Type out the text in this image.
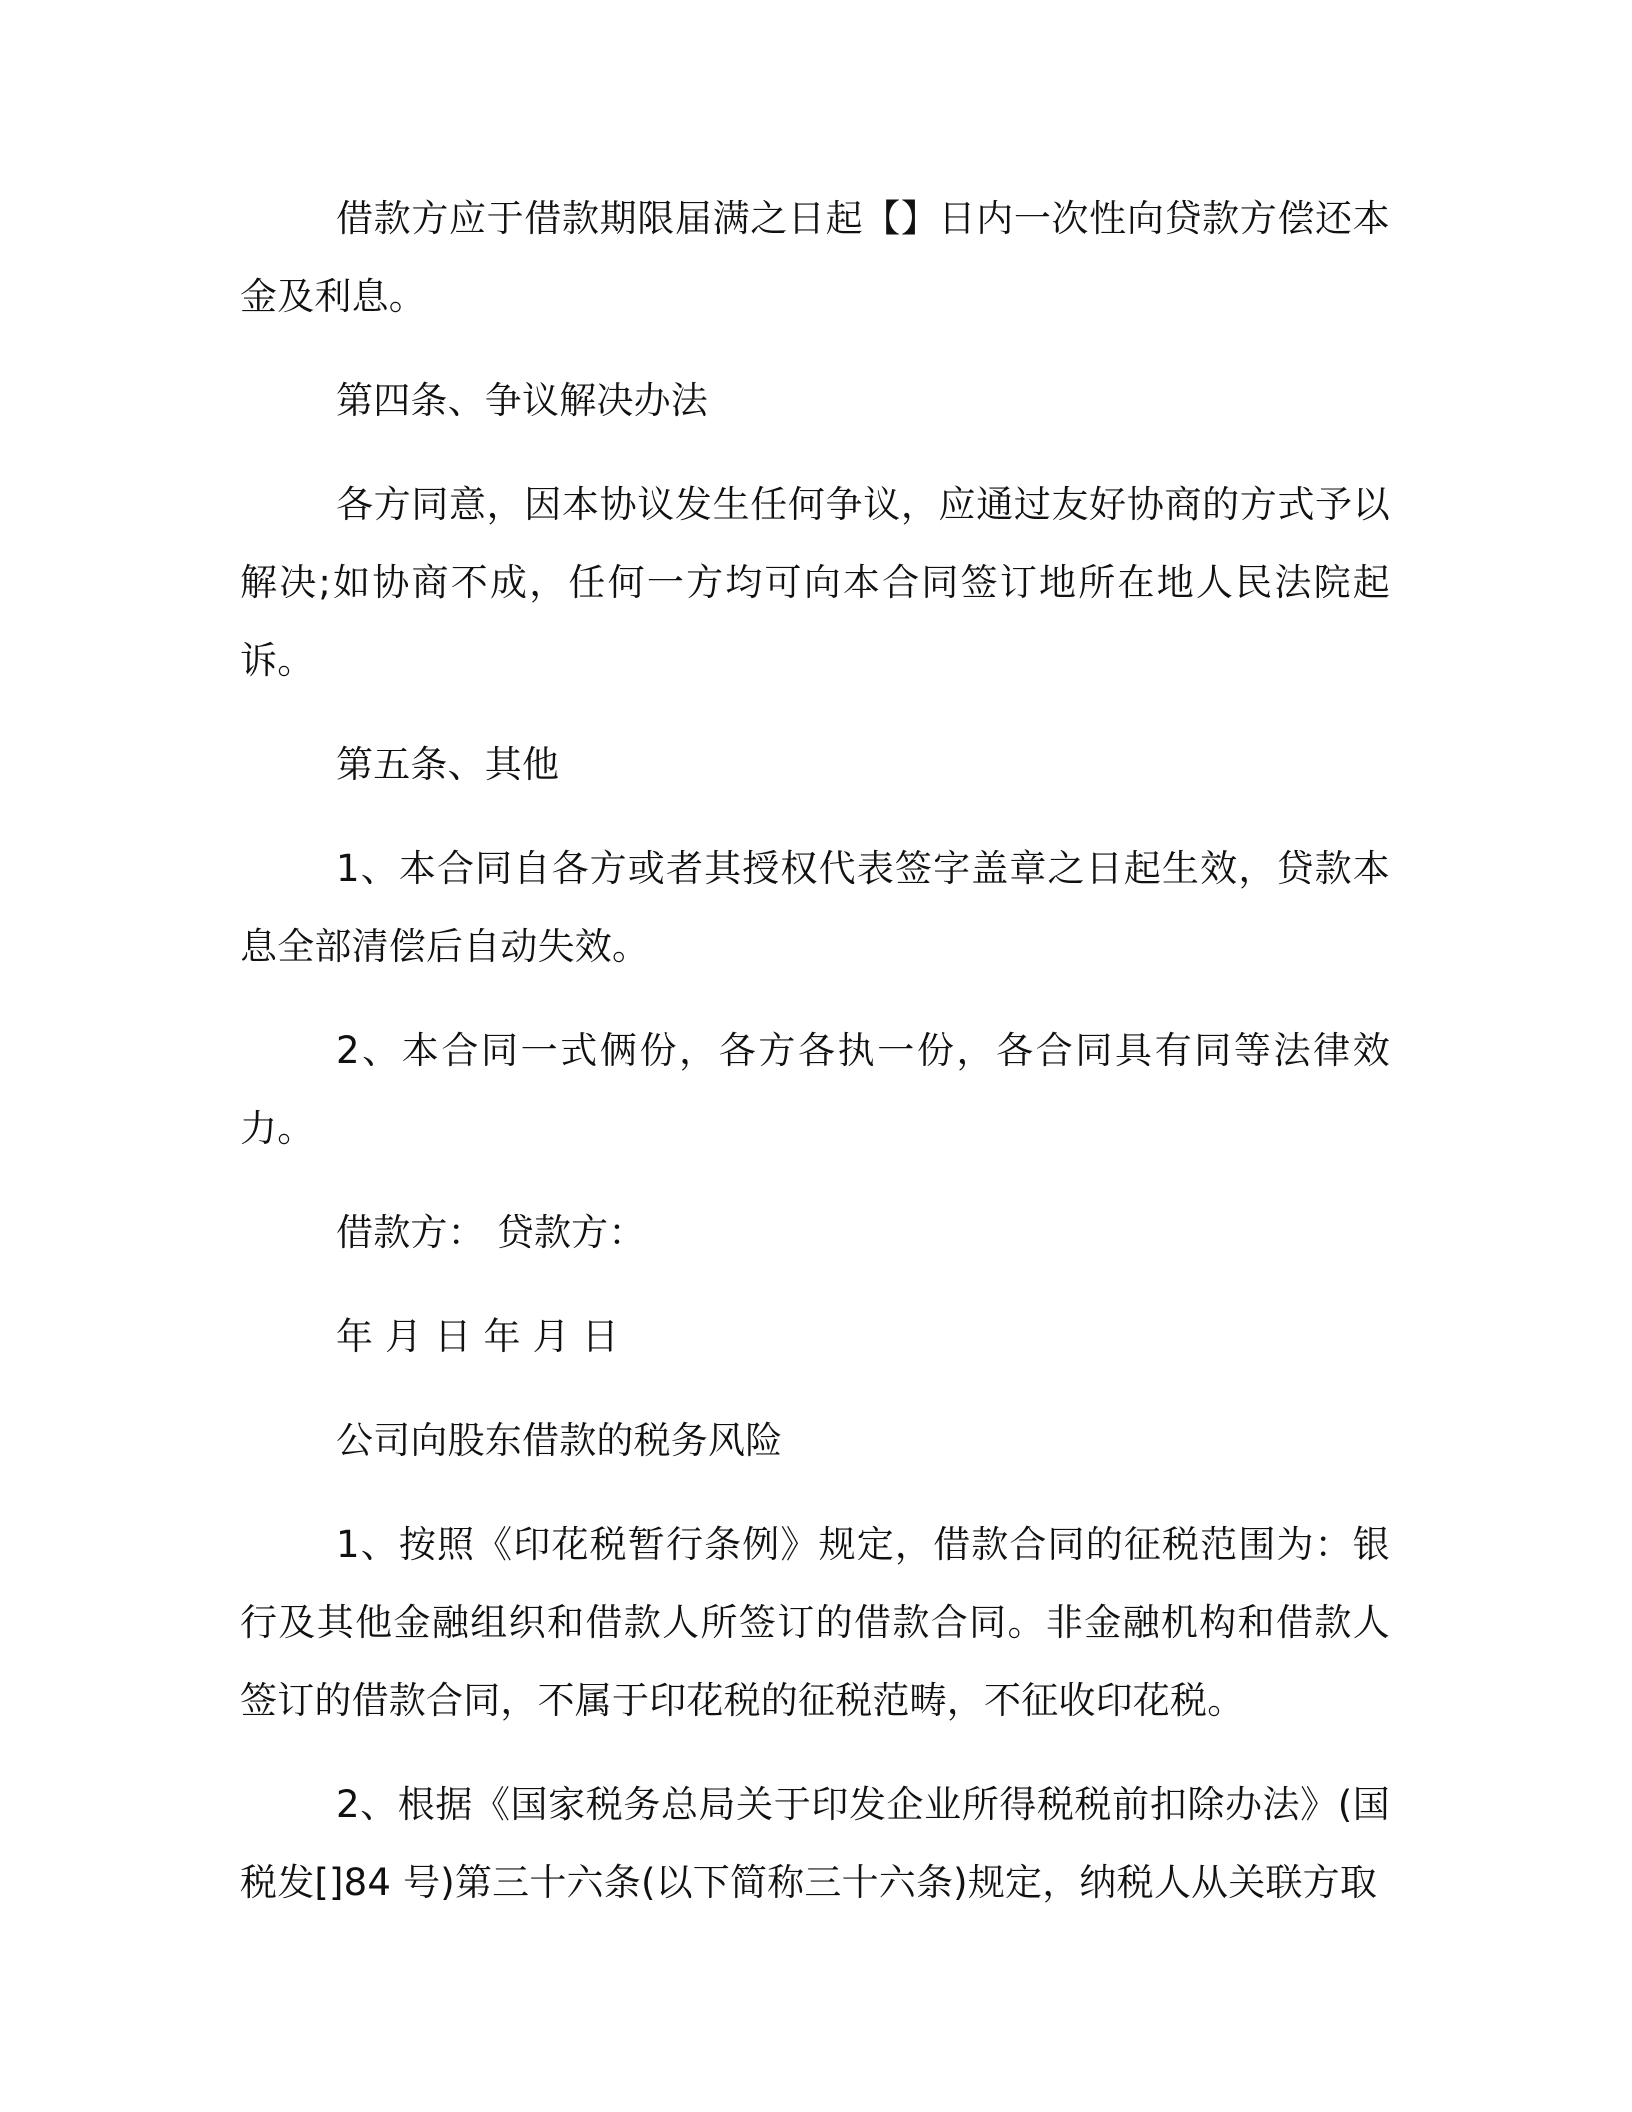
借款方应于借款期限届满之日起【】日内一次性向贷款方偿还本金及利息。

第四条、争议解决办法

各方同意，因本协议发生任何争议，应通过友好协商的方式予以解决;如协商不成，任何一方均可向本合同签订地所在地人民法院起诉。

第五条、其他

1、本合同自各方或者其授权代表签字盖章之日起生效，贷款本息全部清偿后自动失效。

2、本合同一式俩份，各方各执一份，各合同具有同等法律效力。

借款方： 贷款方：

年 月 日 年 月 日

公司向股东借款的税务风险

1、按照《印花税暂行条例》规定，借款合同的征税范围为：银行及其他金融组织和借款人所签订的借款合同。非金融机构和借款人签订的借款合同，不属于印花税的征税范畴，不征收印花税。

2、根据《国家税务总局关于印发企业所得税税前扣除办法》(国税发[]84 号)第三十六条(以下简称三十六条)规定，纳税人从关联方取
